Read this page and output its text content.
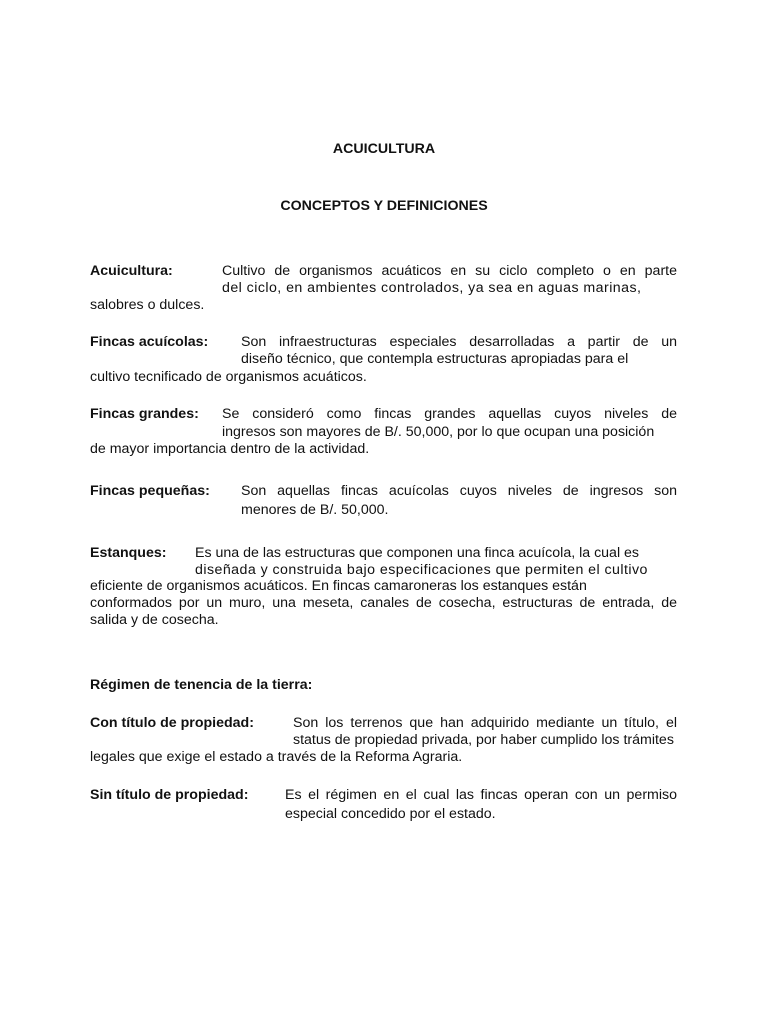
ACUICULTURA
CONCEPTOS Y DEFINICIONES
Acuicultura:	Cultivo de organismos acuáticos en su ciclo completo o en parte
del ciclo, en ambientes controlados, ya sea en aguas marinas,
salobres o dulces.
Fincas acuícolas: Son infraestructuras especiales desarrolladas a partir de un
diseño técnico, que contempla estructuras apropiadas para el
cultivo tecnificado de organismos acuáticos.
Fincas grandes: Se consideró como fincas grandes aquellas cuyos niveles de
ingresos son mayores de B/. 50,000, por lo que ocupan una posición
de mayor importancia dentro de la actividad.
Fincas pequeñas: Son aquellas fincas acuícolas cuyos niveles de ingresos son
menores de B/. 50,000.
Estanques: Es una de las estructuras que componen una finca acuícola, la cual es
diseñada y construida bajo especificaciones que permiten el cultivo
eficiente de organismos acuáticos. En fincas camaroneras los estanques están
conformados por un muro, una meseta, canales de cosecha, estructuras de entrada, de
salida y de cosecha.
Régimen de tenencia de la tierra:
Con título de propiedad:	Son los terrenos que han adquirido mediante un título, el
status de propiedad privada, por haber cumplido los trámites
legales que exige el estado a través de la Reforma Agraria.
Sin título de propiedad:	Es el régimen en el cual las fincas operan con un permiso
especial concedido por el estado.
